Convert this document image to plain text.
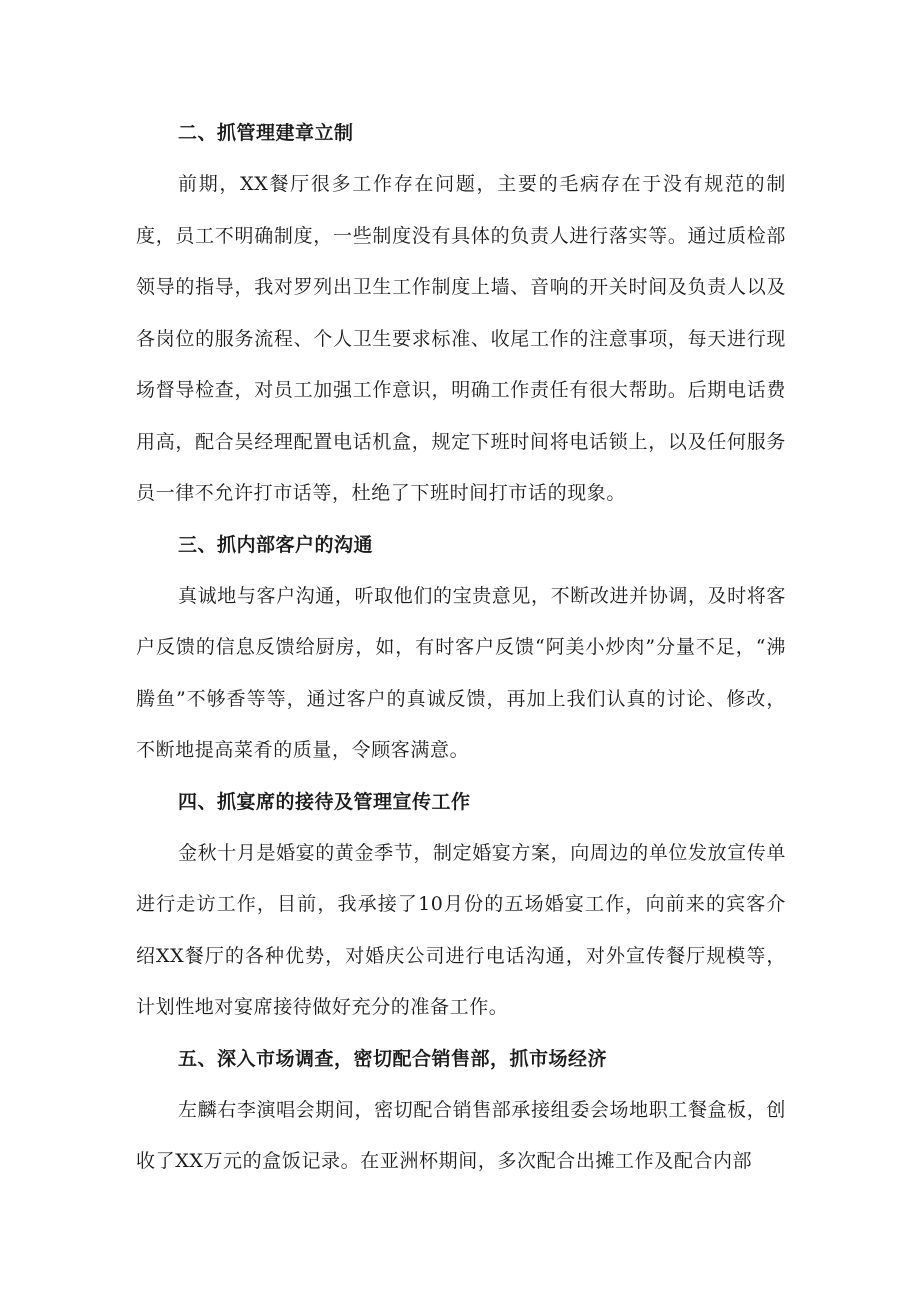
二、抓管理建章立制

前期，XX餐厅很多工作存在问题，主要的毛病存在于没有规范的制度，员工不明确制度，一些制度没有具体的负责人进行落实等。通过质检部领导的指导，我对罗列出卫生工作制度上墙、音响的开关时间及负责人以及各岗位的服务流程、个人卫生要求标准、收尾工作的注意事项，每天进行现场督导检查，对员工加强工作意识，明确工作责任有很大帮助。后期电话费用高，配合吴经理配置电话机盒，规定下班时间将电话锁上，以及任何服务员一律不允许打市话等，杜绝了下班时间打市话的现象。

三、抓内部客户的沟通

真诚地与客户沟通，听取他们的宝贵意见，不断改进并协调，及时将客户反馈的信息反馈给厨房，如，有时客户反馈“阿美小炒肉”分量不足，“沸腾鱼”不够香等等，通过客户的真诚反馈，再加上我们认真的讨论、修改，不断地提高菜肴的质量，令顾客满意。

四、抓宴席的接待及管理宣传工作

金秋十月是婚宴的黄金季节，制定婚宴方案，向周边的单位发放宣传单进行走访工作，目前，我承接了10月份的五场婚宴工作，向前来的宾客介绍XX餐厅的各种优势，对婚庆公司进行电话沟通，对外宣传餐厅规模等，计划性地对宴席接待做好充分的准备工作。

五、深入市场调查，密切配合销售部，抓市场经济

左麟右李演唱会期间，密切配合销售部承接组委会场地职工餐盒板，创收了XX万元的盒饭记录。在亚洲杯期间，多次配合出摊工作及配合内部
